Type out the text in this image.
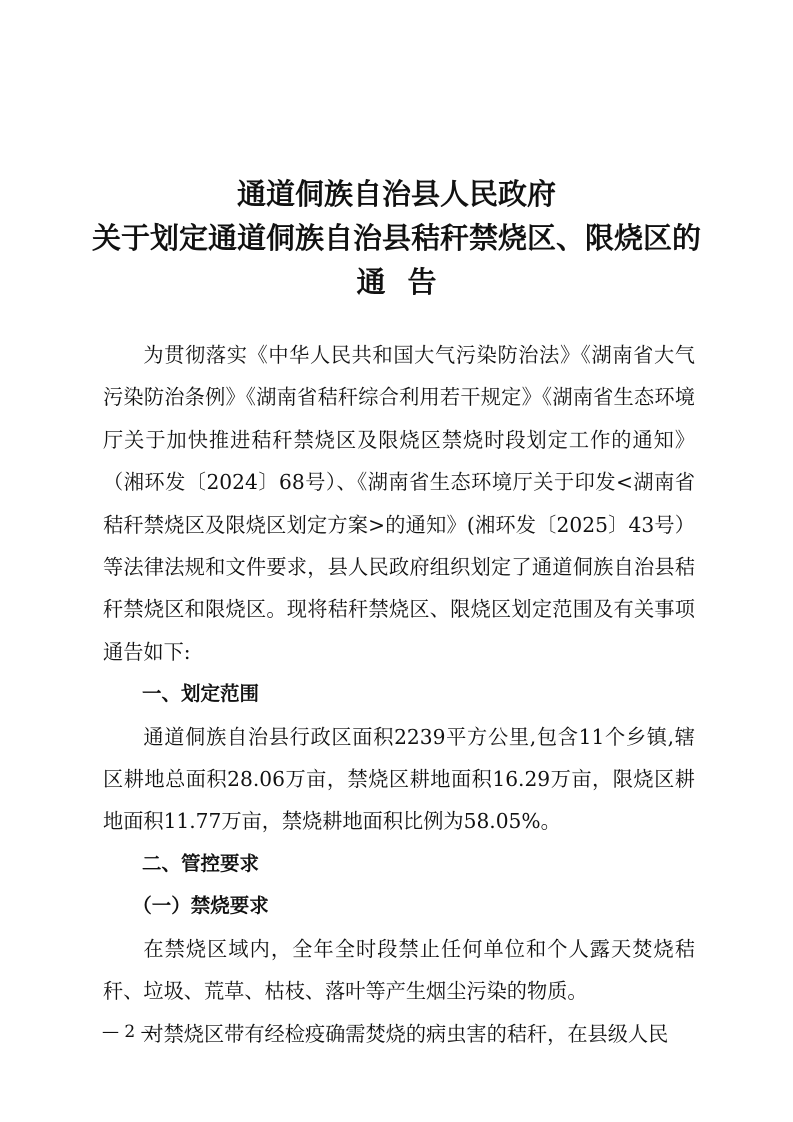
通道侗族自治县人民政府
关于划定通道侗族自治县秸秆禁烧区、限烧区的
通告

为贯彻落实《中华人民共和国大气污染防治法》《湖南省大气污染防治条例》《湖南省秸秆综合利用若干规定》《湖南省生态环境厅关于加快推进秸秆禁烧区及限烧区禁烧时段划定工作的通知》（湘环发〔2024〕68号）、《湖南省生态环境厅关于印发<湖南省秸秆禁烧区及限烧区划定方案>的通知》(湘环发〔2025〕43号）等法律法规和文件要求，县人民政府组织划定了通道侗族自治县秸秆禁烧区和限烧区。现将秸秆禁烧区、限烧区划定范围及有关事项通告如下:

一、划定范围

通道侗族自治县行政区面积2239平方公里,包含11个乡镇,辖区耕地总面积28.06万亩，禁烧区耕地面积16.29万亩，限烧区耕地面积11.77万亩，禁烧耕地面积比例为58.05%。

二、管控要求

（一）禁烧要求

在禁烧区域内，全年全时段禁止任何单位和个人露天焚烧秸秆、垃圾、荒草、枯枝、落叶等产生烟尘污染的物质。

对禁烧区带有经检疫确需焚烧的病虫害的秸秆，在县级人民

— 2 —
